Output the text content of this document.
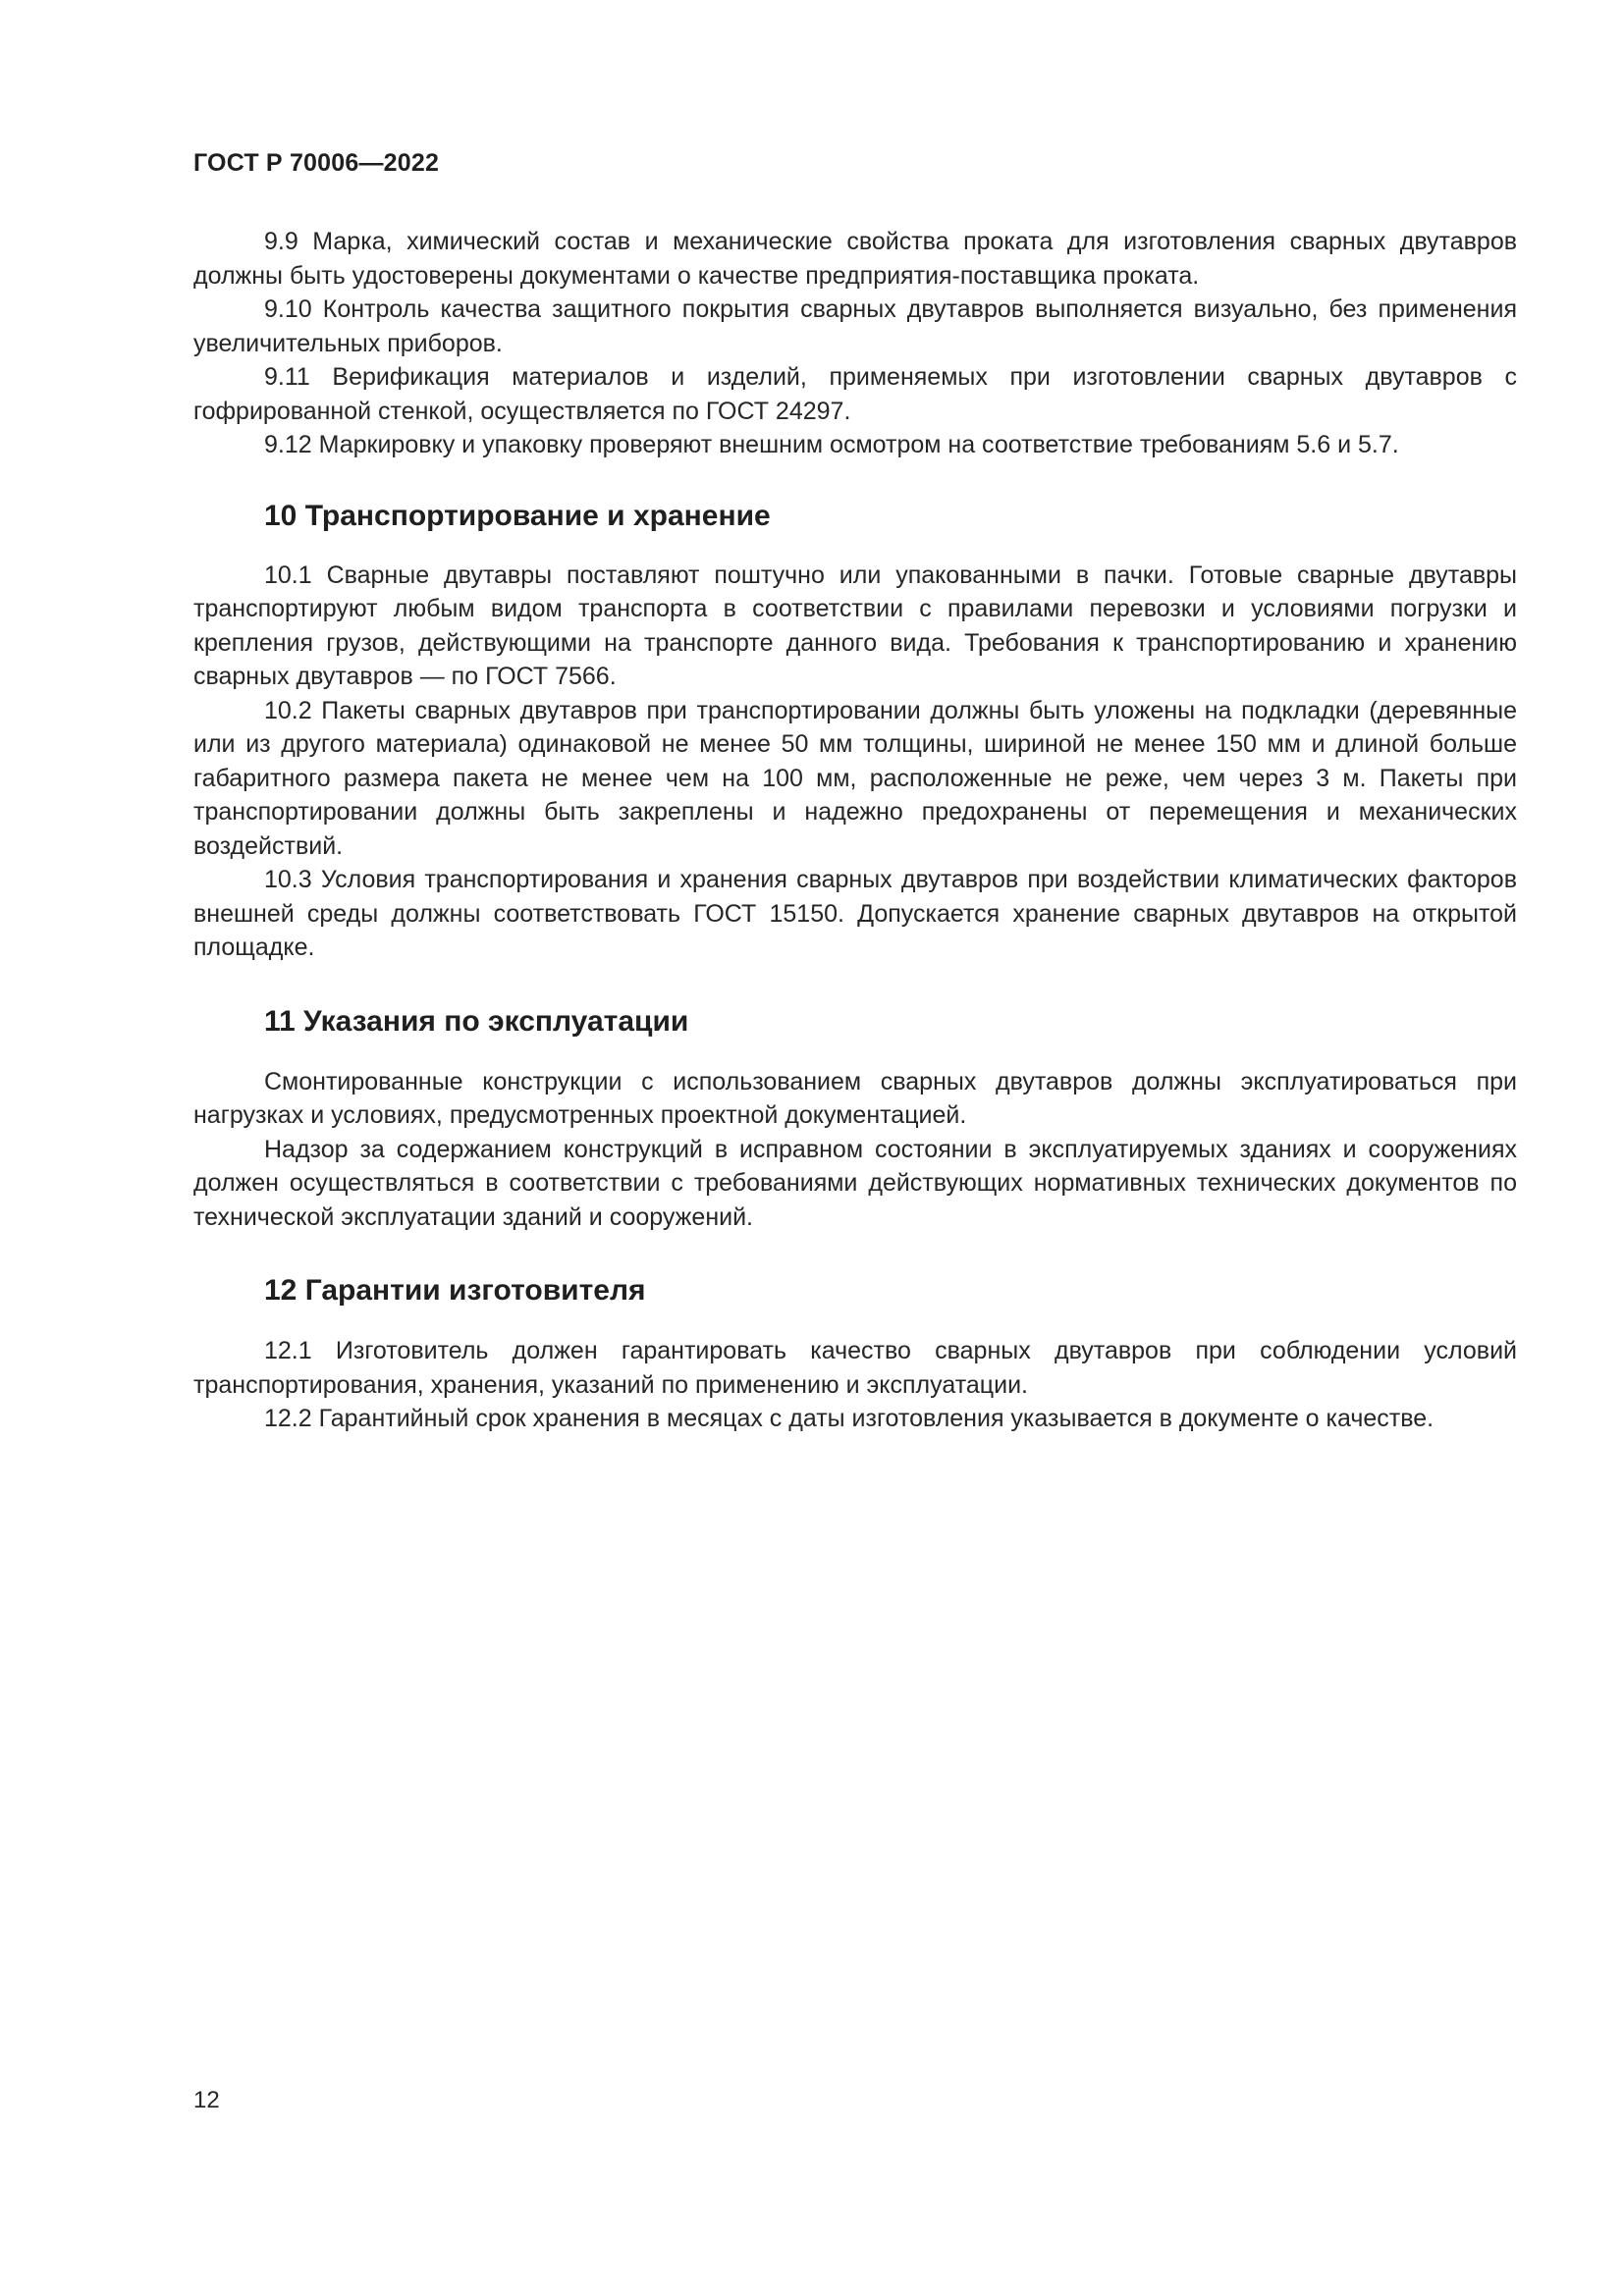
ГОСТ Р 70006—2022

9.9 Марка, химический состав и механические свойства проката для изготовления сварных двутавров должны быть удостоверены документами о качестве предприятия-поставщика проката.

9.10 Контроль качества защитного покрытия сварных двутавров выполняется визуально, без применения увеличительных приборов.

9.11 Верификация материалов и изделий, применяемых при изготовлении сварных двутавров с гофрированной стенкой, осуществляется по ГОСТ 24297.

9.12 Маркировку и упаковку проверяют внешним осмотром на соответствие требованиям 5.6 и 5.7.

10 Транспортирование и хранение

10.1 Сварные двутавры поставляют поштучно или упакованными в пачки. Готовые сварные двутавры транспортируют любым видом транспорта в соответствии с правилами перевозки и условиями погрузки и крепления грузов, действующими на транспорте данного вида. Требования к транспортированию и хранению сварных двутавров — по ГОСТ 7566.

10.2 Пакеты сварных двутавров при транспортировании должны быть уложены на подкладки (деревянные или из другого материала) одинаковой не менее 50 мм толщины, шириной не менее 150 мм и длиной больше габаритного размера пакета не менее чем на 100 мм, расположенные не реже, чем через 3 м. Пакеты при транспортировании должны быть закреплены и надежно предохранены от перемещения и механических воздействий.

10.3 Условия транспортирования и хранения сварных двутавров при воздействии климатических факторов внешней среды должны соответствовать ГОСТ 15150. Допускается хранение сварных двутавров на открытой площадке.

11 Указания по эксплуатации

Смонтированные конструкции с использованием сварных двутавров должны эксплуатироваться при нагрузках и условиях, предусмотренных проектной документацией.

Надзор за содержанием конструкций в исправном состоянии в эксплуатируемых зданиях и сооружениях должен осуществляться в соответствии с требованиями действующих нормативных технических документов по технической эксплуатации зданий и сооружений.

12 Гарантии изготовителя

12.1 Изготовитель должен гарантировать качество сварных двутавров при соблюдении условий транспортирования, хранения, указаний по применению и эксплуатации.

12.2 Гарантийный срок хранения в месяцах с даты изготовления указывается в документе о качестве.

12
